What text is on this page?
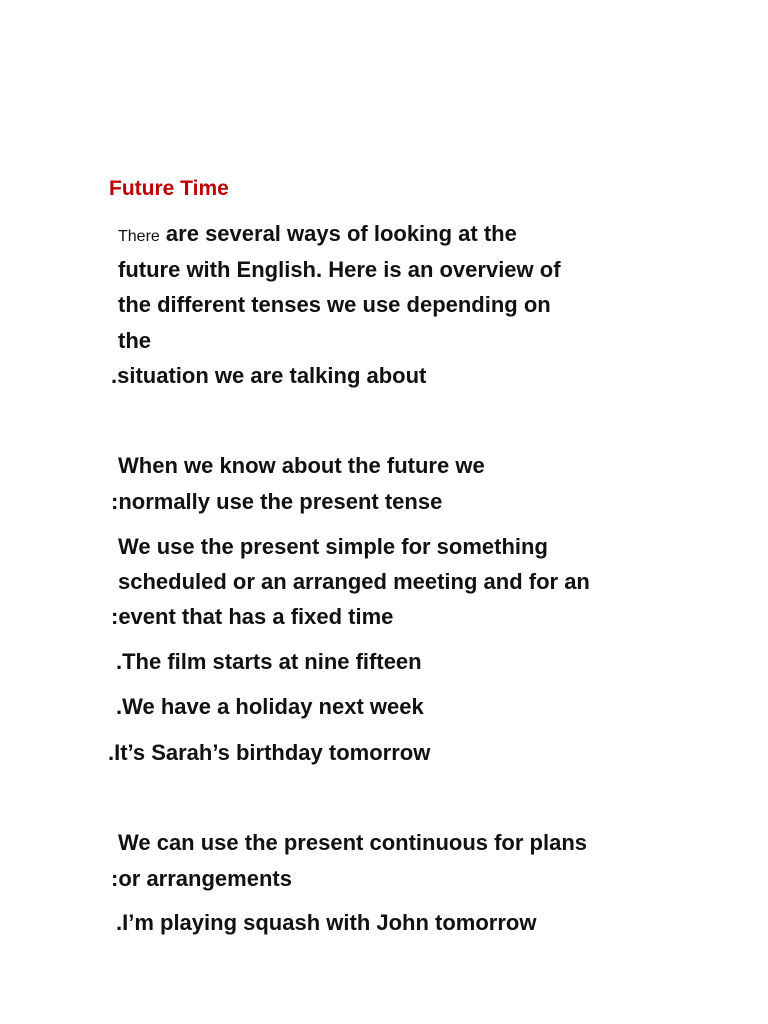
Future Time
There are several ways of looking at the
future with English. Here is an overview of
the different tenses we use depending on
the
.situation we are talking about
When we know about the future we
:normally use the present tense
We use the present simple for something
scheduled or an arranged meeting and for an
:event that has a fixed time
.The film starts at nine fifteen
.We have a holiday next week
.It’s Sarah’s birthday tomorrow
We can use the present continuous for plans
:or arrangements
.I’m playing squash with John tomorrow
